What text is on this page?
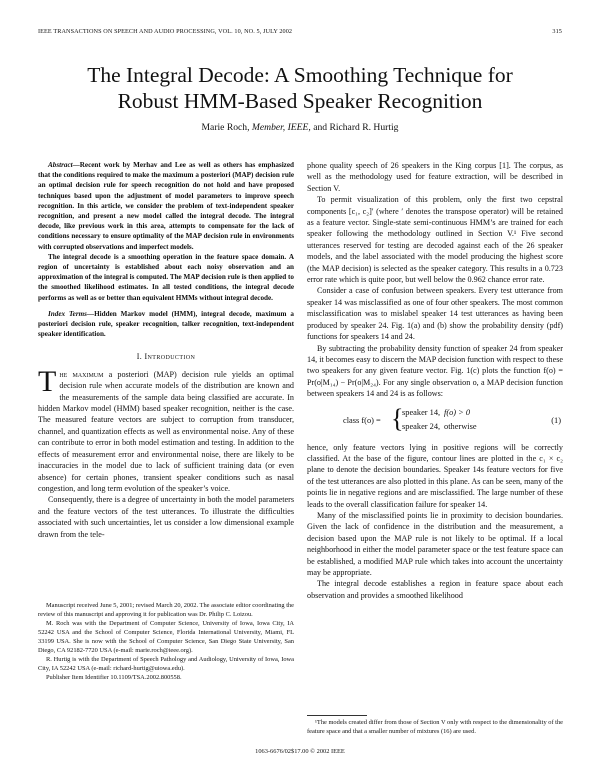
IEEE TRANSACTIONS ON SPEECH AND AUDIO PROCESSING, VOL. 10, NO. 5, JULY 2002	315
The Integral Decode: A Smoothing Technique for
Robust HMM-Based Speaker Recognition
Marie Roch, Member, IEEE, and Richard R. Hurtig

Abstract—Recent work by Merhav and Lee as well as others has emphasized that the conditions required to make the maximum a posteriori (MAP) decision rule an optimal decision rule for speech recognition do not hold and have proposed techniques based upon the adjustment of model parameters to improve speech recognition. In this article, we consider the problem of text-independent speaker recognition, and present a new model called the integral decode. The integral decode, like previous work in this area, attempts to compensate for the lack of conditions necessary to ensure optimality of the MAP decision rule in environments with corrupted observations and imperfect models.

The integral decode is a smoothing operation in the feature space domain. A region of uncertainty is established about each noisy observation and an approximation of the integral is computed. The MAP decision rule is then applied to the smoothed likelihood estimates. In all tested conditions, the integral decode performs as well as or better than equivalent HMMs without integral decode.

Index Terms—Hidden Markov model (HMM), integral decode, maximum a posteriori decision rule, speaker recognition, talker recognition, text-independent speaker identification.
I. Introduction

The maximum a posteriori (MAP) decision rule yields an optimal decision rule when accurate models of the distribution are known and the measurements of the sample data being classified are accurate. In hidden Markov model (HMM) based speaker recognition, neither is the case. The measured feature vectors are subject to corruption from transducer, channel, and quantization effects as well as environmental noise. Any of these can contribute to error in both model estimation and testing. In addition to the effects of measurement error and environmental noise, there are likely to be inaccuracies in the model due to lack of sufficient training data (or even absence) for certain phones, transient speaker conditions such as nasal congestion, and long term evolution of the speaker’s voice.

Consequently, there is a degree of uncertainty in both the model parameters and the feature vectors of the test utterances. To illustrate the difficulties associated with such uncertainties, let us consider a low dimensional example drawn from the tele-

Manuscript received June 5, 2001; revised March 20, 2002. The associate editor coordinating the review of this manuscript and approving it for publication was Dr. Philip C. Loizou.

M. Roch was with the Department of Computer Science, University of Iowa, Iowa City, IA 52242 USA and the School of Computer Science, Florida International University, Miami, FL 33199 USA. She is now with the School of Computer Science, San Diego State University, San Diego, CA 92182-7720 USA (e-mail: marie.roch@ieee.org).

R. Hurtig is with the Department of Speech Pathology and Audiology, University of Iowa, Iowa City, IA 52242 USA (e-mail: richard-hurtig@uiowa.edu).

Publisher Item Identifier 10.1109/TSA.2002.800558.

phone quality speech of 26 speakers in the King corpus [1]. The corpus, as well as the methodology used for feature extraction, will be described in Section V.

To permit visualization of this problem, only the first two cepstral components [c₁, c₂]′ (where ′ denotes the transpose operator) will be retained as a feature vector. Single-state semi-continuous HMM’s are trained for each speaker following the methodology outlined in Section V.¹ Five second utterances reserved for testing are decoded against each of the 26 speaker models, and the label associated with the model producing the highest score (the MAP decision) is selected as the speaker category. This results in a 0.723 error rate which is quite poor, but well below the 0.962 chance error rate.

Consider a case of confusion between speakers. Every test utterance from speaker 14 was misclassified as one of four other speakers. The most common misclassification was to mislabel speaker 14 test utterances as having been produced by speaker 24. Fig. 1(a) and (b) show the probability density (pdf) functions for speakers 14 and 24.

By subtracting the probability density function of speaker 24 from speaker 14, it becomes easy to discern the MAP decision function with respect to these two speakers for any given feature vector. Fig. 1(c) plots the function f(o) = Pr(o|M₁₄) − Pr(o|M₂₄). For any single observation o, a MAP decision function between speakers 14 and 24 is as follows:

class f(o) = {
speaker 14, f(o) > 0
speaker 24, otherwise
(1)

hence, only feature vectors lying in positive regions will be correctly classified. At the base of the figure, contour lines are plotted in the c₁ × c₂ plane to denote the decision boundaries. Speaker 14s feature vectors for five of the test utterances are also plotted in this plane. As can be seen, many of the points lie in negative regions and are misclassified. The large number of these leads to the overall classification failure for speaker 14.

Many of the misclassified points lie in proximity to decision boundaries. Given the lack of confidence in the distribution and the measurement, a decision based upon the MAP rule is not likely to be optimal. If a local neighborhood in either the model parameter space or the test feature space can be established, a modified MAP rule which takes into account the uncertainty may be appropriate.

The integral decode establishes a region in feature space about each observation and provides a smoothed likelihood

¹The models created differ from those of Section V only with respect to the dimensionality of the feature space and that a smaller number of mixtures (16) are used.
1063-6676/02$17.00 © 2002 IEEE
